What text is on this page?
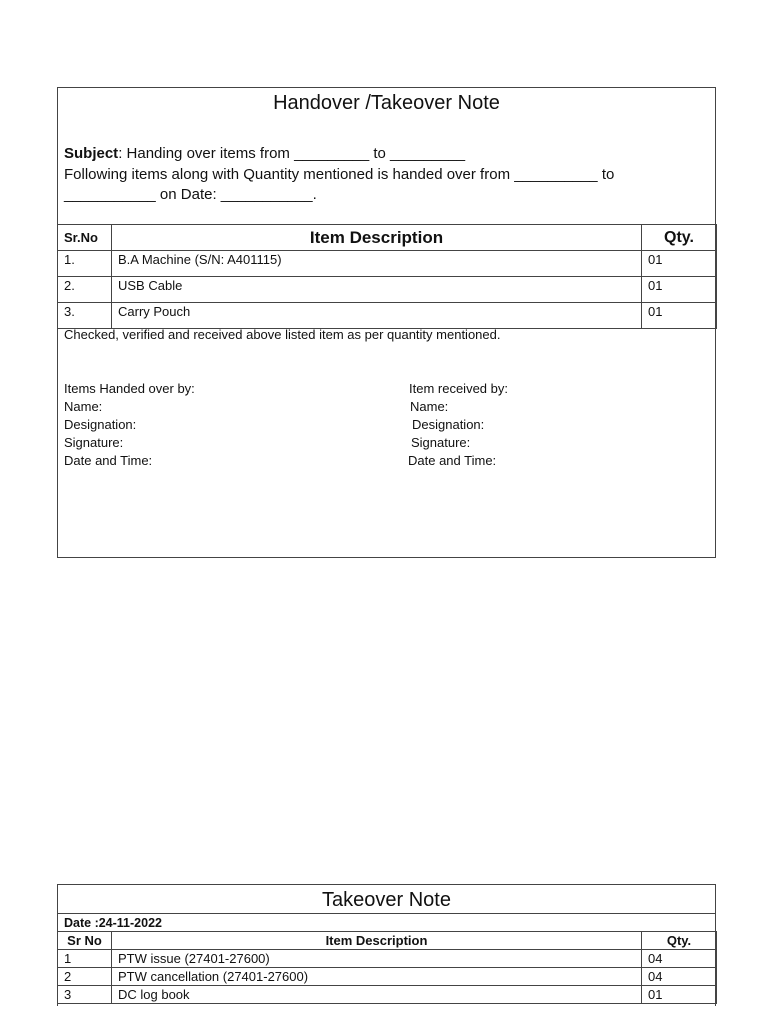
Handover /Takeover Note
Subject: Handing over items from _________ to _________
Following items along with Quantity mentioned is handed over from __________ to
___________ on Date: ___________.
Sr.No	Item Description	Qty.
1.	B.A Machine (S/N: A401115)	01
2.	USB Cable	01
3.	Carry Pouch	01
Checked, verified and received above listed item as per quantity mentioned.
Items Handed over by:
Name:
Designation:
Signature:
Date and Time:
Item received by:
Name:
Designation:
Signature:
Date and Time:
Takeover Note
Date :24-11-2022
Sr No	Item Description	Qty.
1	PTW issue (27401-27600)	04
2	PTW cancellation (27401-27600)	04
3	DC log book	01
